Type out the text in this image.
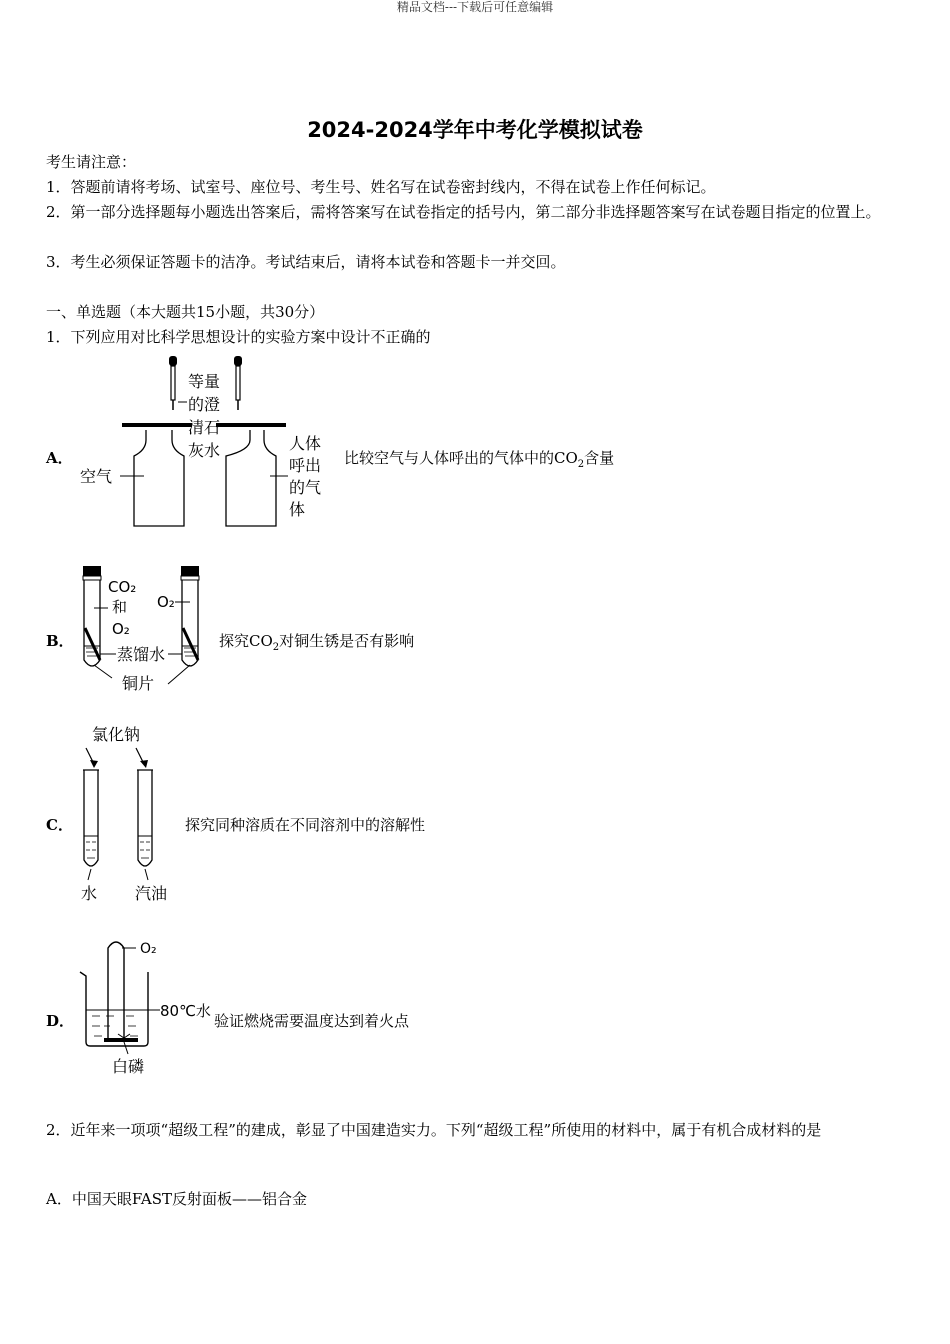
精品文档---下载后可任意编辑
2024-2024学年中考化学模拟试卷
考生请注意：
1．答题前请将考场、试室号、座位号、考生号、姓名写在试卷密封线内，不得在试卷上作任何标记。
2．第一部分选择题每小题选出答案后，需将答案写在试卷指定的括号内，第二部分非选择题答案写在试卷题目指定的位置上。
3．考生必须保证答题卡的洁净。考试结束后，请将本试卷和答题卡一并交回。
一、单选题（本大题共15小题，共30分）
1．下列应用对比科学思想设计的实验方案中设计不正确的
A．
等量
的澄
清石
灰水
空气
人体
呼出
的气
体
比较空气与人体呼出的气体中的$CO_2$含量
B．
CO₂
和
O₂
O₂
蒸馏水
铜片
探究$CO_2$对铜生锈是否有影响
C．
氯化钠
水 汽油
探究同种溶质在不同溶剂中的溶解性
D．
O₂
80℃水
白磷
验证燃烧需要温度达到着火点
2．近年来一项项“超级工程”的建成，彰显了中国建造实力。下列“超级工程”所使用的材料中，属于有机合成材料的是
A．中国天眼FAST反射面板——铝合金
